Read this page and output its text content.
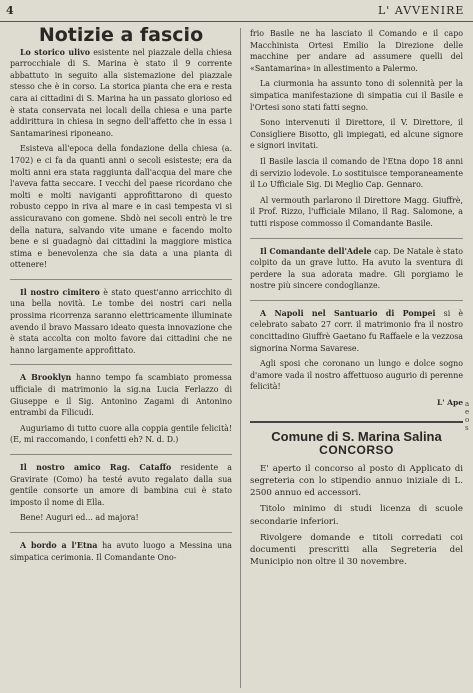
4	L' AVVENIRE
Notizie a fascio

Lo storico ulivo esistente nel piazzale della chiesa parrocchiale di S. Marina è stato il 9 corrente abbattuto in seguito alla sistemazione del piazzale stesso che è in corso. La storica pianta che era e resta cara ai cittadini di S. Marina ha un passato glorioso ed è stata conservata nei locali della chiesa e una parte addirittura in chiesa in segno dell'affetto che in essa i Santamarinesi riponeano.

Esisteva all'epoca della fondazione della chiesa (a. 1702) e ci fa da quanti anni o secoli esisteste; era da molti anni era stata raggiunta dall'acqua del mare che l'aveva fatta seccare. I vecchi del paese ricordano che molti e molti naviganti approfittarono di questo robusto ceppo in riva al mare e in casi tempesta vi si assicuravano con gomene. Sbdò nei secoli entrò le tre della natura, salvando vite umane e facendo molto bene e si guadagnò dai cittadini la maggiore mistica stima e benevolenza che sia data a una pianta di ottenere!

Il nostro cimitero è stato quest'anno arricchito di una bella novità. Le tombe dei nostri cari nella prossima ricorrenza saranno elettricamente illuminate avendo il bravo Massaro ideato questa innovazione che è stata accolta con molto favore dai cittadini che ne hanno largamente approfittato.

A Brooklyn hanno tempo fa scambiato promessa ufficiale di matrimonio la sig.na Lucia Ferlazzo di Giuseppe e il Sig. Antonino Zagami di Antonino entrambi da Filicudi.

Auguriamo di tutto cuore alla coppia gentile felicità! (E, mi raccomando, i confetti eh? N. d. D.)

Il nostro amico Rag. Cataffo residente a Gravirate (Como) ha testé avuto regalato dalla sua gentile consorte un amore di bambina cui è stato imposto il nome di Ella.

Bene! Auguri ed... ad majora!

A bordo a l'Etna ha avuto luogo a Messina una simpatica cerimonia. Il Comandante Ono-

frio Basile ne ha lasciato il Comando e il capo Macchinista Ortesi Emilio la Direzione delle macchine per andare ad assumere quelli del «Santamarina» in allestimento a Palermo.

La ciurmonia ha assunto tono di solennità per la simpatica manifestazione di simpatia cui il Basile e l'Ortesi sono stati fatti segno.

Sono intervenuti il Direttore, il V. Direttore, il Consigliere Bisotto, gli impiegati, ed alcune signore e signori invitati.

Il Basile lascia il comando de l'Etna dopo 18 anni di servizio lodevole. Lo sostituisce temporaneamente il Lo Ufficiale Sig. Di Meglio Cap. Gennaro.

Al vermouth parlarono il Direttore Magg. Giuffrè, il Prof. Rizzo, l'ufficiale Milano, il Rag. Salomone, a tutti rispose commosso il Comandante Basile.

Il Comandante dell'Adele cap. De Natale è stato colpito da un grave lutto. Ha avuto la sventura di perdere la sua adorata madre. Gli porgiamo le nostre più sincere condoglianze.

A Napoli nel Santuario di Pompei si è celebrato sabato 27 corr. il matrimonio fra il nostro concittadino Giuffrè Gaetano fu Raffaele e la vezzosa signorina Norma Savarese.

Agli sposi che coronano un lungo e dolce sogno d'amore vada il nostro affettuoso augurio di perenne felicità!

L' Ape
Comune di S. Marina Salina
CONCORSO

E' aperto il concorso al posto di Applicato di segreteria con lo stipendio annuo iniziale di L. 2500 annuo ed accessori.

Titolo minimo di studi licenza di scuole secondarie inferiori.

Rivolgere domande e titoli corredati coi documenti prescritti alla Segreteria del Municipio non oltre il 30 novembre.

a e o s
